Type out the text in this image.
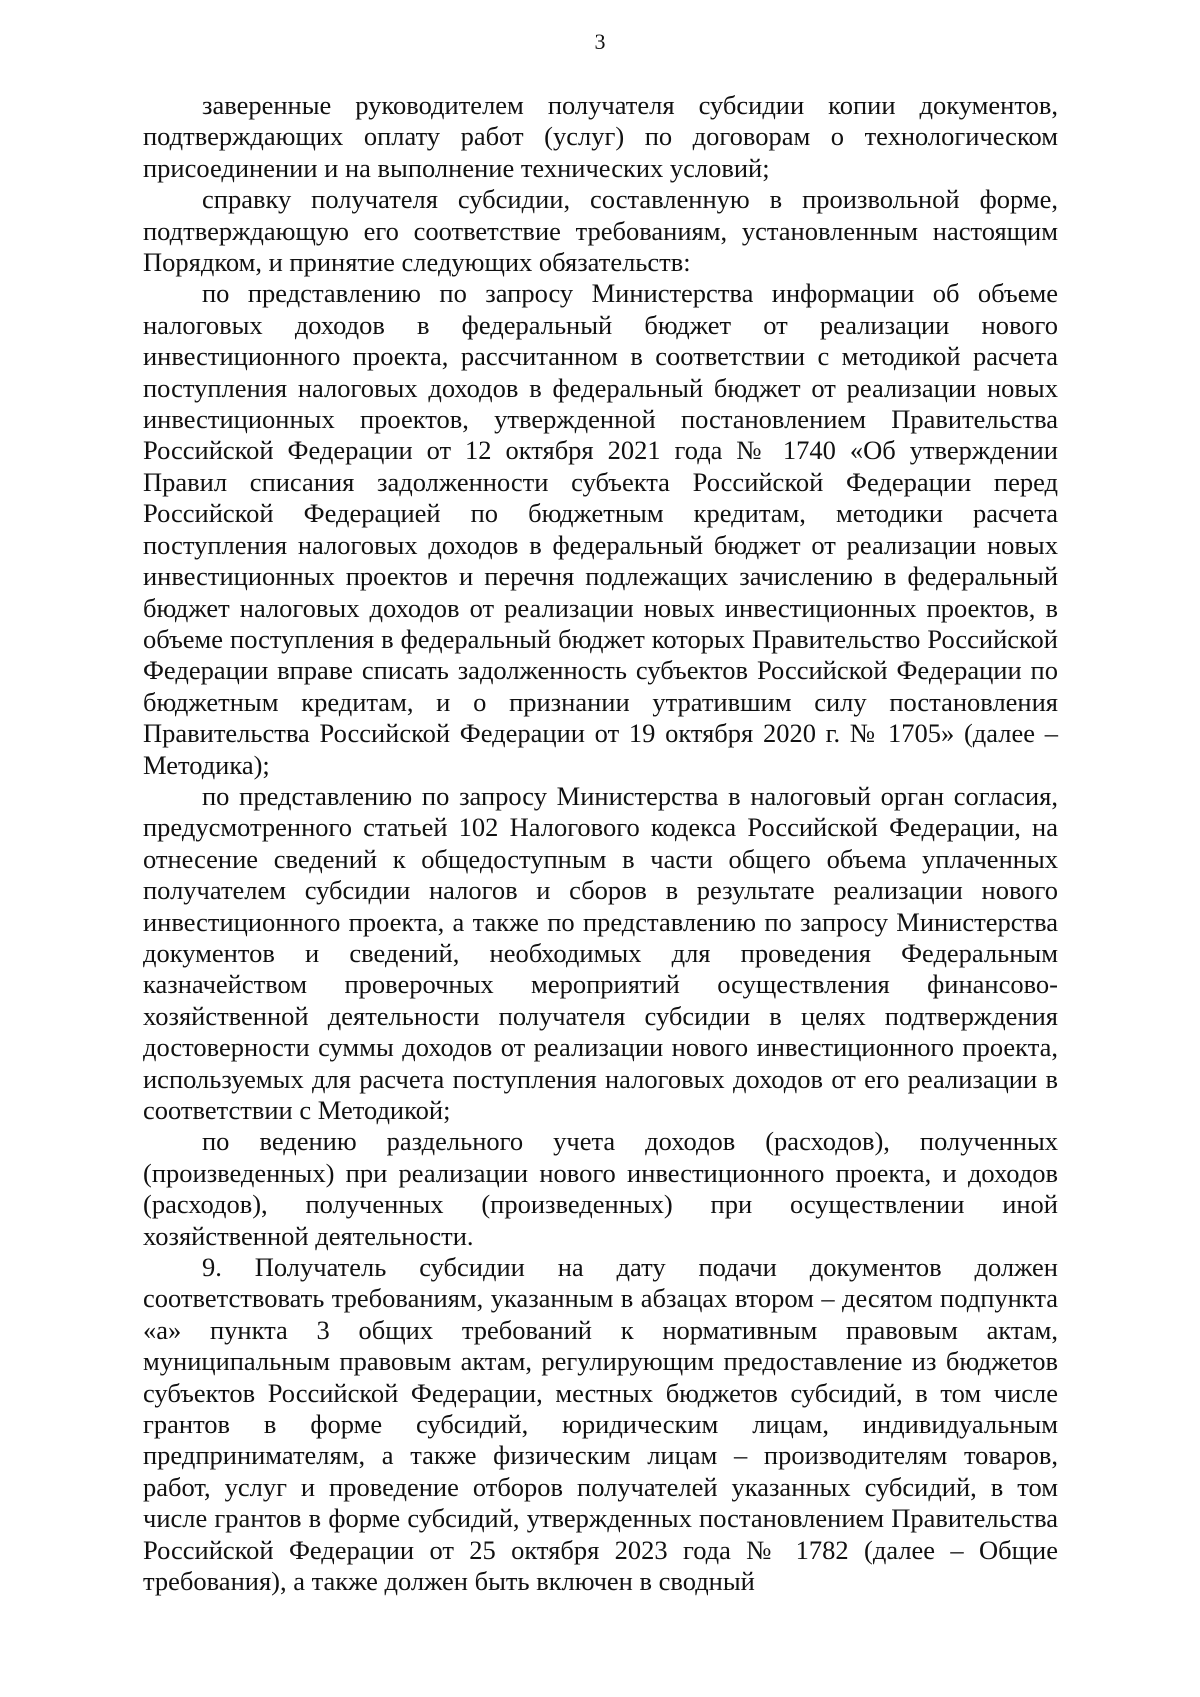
3

заверенные руководителем получателя субсидии копии документов, подтверждающих оплату работ (услуг) по договорам о технологическом присоединении и на выполнение технических условий;

справку получателя субсидии, составленную в произвольной форме, подтверждающую его соответствие требованиям, установленным настоящим Порядком, и принятие следующих обязательств:

по представлению по запросу Министерства информации об объеме налоговых доходов в федеральный бюджет от реализации нового инвестиционного проекта, рассчитанном в соответствии с методикой расчета поступления налоговых доходов в федеральный бюджет от реализации новых инвестиционных проектов, утвержденной постановлением Правительства Российской Федерации от 12 октября 2021 года № 1740 «Об утверждении Правил списания задолженности субъекта Российской Федерации перед Российской Федерацией по бюджетным кредитам, методики расчета поступления налоговых доходов в федеральный бюджет от реализации новых инвестиционных проектов и перечня подлежащих зачислению в федеральный бюджет налоговых доходов от реализации новых инвестиционных проектов, в объеме поступления в федеральный бюджет которых Правительство Российской Федерации вправе списать задолженность субъектов Российской Федерации по бюджетным кредитам, и о признании утратившим силу постановления Правительства Российской Федерации от 19 октября 2020 г. № 1705» (далее – Методика);

по представлению по запросу Министерства в налоговый орган согласия, предусмотренного статьей 102 Налогового кодекса Российской Федерации, на отнесение сведений к общедоступным в части общего объема уплаченных получателем субсидии налогов и сборов в результате реализации нового инвестиционного проекта, а также по представлению по запросу Министерства документов и сведений, необходимых для проведения Федеральным казначейством проверочных мероприятий осуществления финансово-хозяйственной деятельности получателя субсидии в целях подтверждения достоверности суммы доходов от реализации нового инвестиционного проекта, используемых для расчета поступления налоговых доходов от его реализации в соответствии с Методикой;

по ведению раздельного учета доходов (расходов), полученных (произведенных) при реализации нового инвестиционного проекта, и доходов (расходов), полученных (произведенных) при осуществлении иной хозяйственной деятельности.

9. Получатель субсидии на дату подачи документов должен соответствовать требованиям, указанным в абзацах втором – десятом подпункта «а» пункта 3 общих требований к нормативным правовым актам, муниципальным правовым актам, регулирующим предоставление из бюджетов субъектов Российской Федерации, местных бюджетов субсидий, в том числе грантов в форме субсидий, юридическим лицам, индивидуальным предпринимателям, а также физическим лицам – производителям товаров, работ, услуг и проведение отборов получателей указанных субсидий, в том числе грантов в форме субсидий, утвержденных постановлением Правительства Российской Федерации от 25 октября 2023 года № 1782 (далее – Общие требования), а также должен быть включен в сводный
